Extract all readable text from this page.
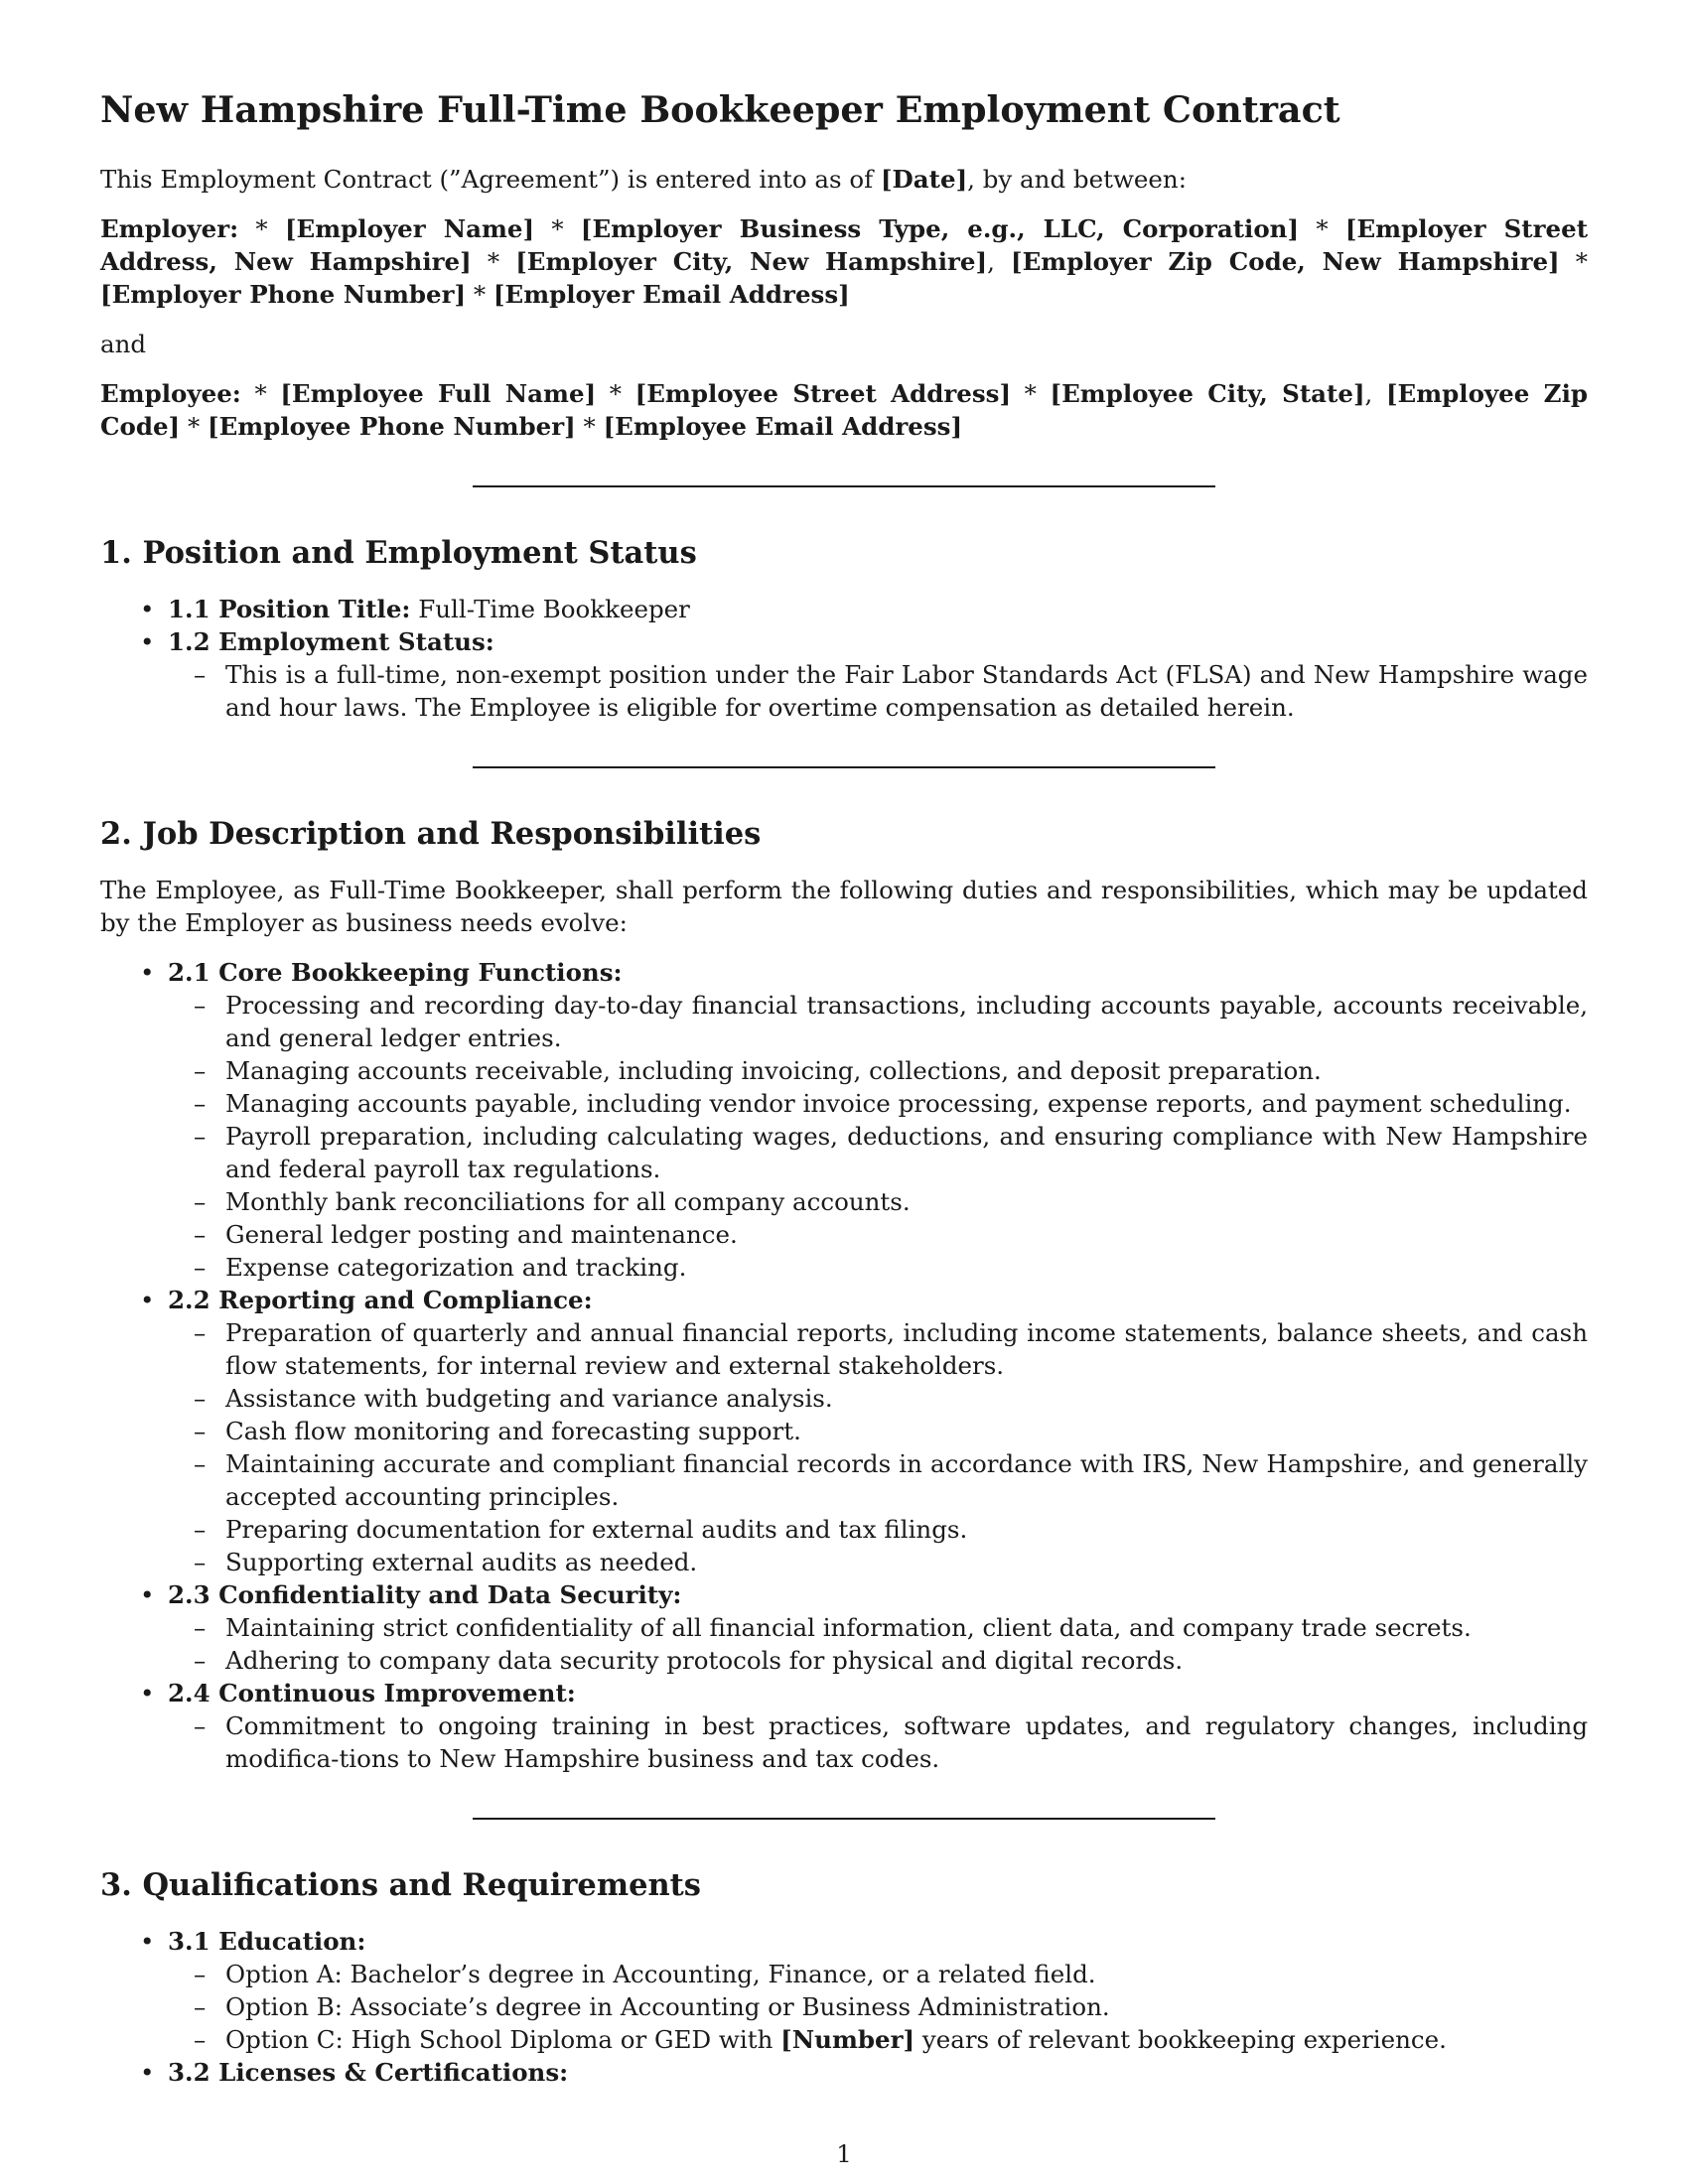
New Hampshire Full-Time Bookkeeper Employment Contract

This Employment Contract (”Agreement”) is entered into as of [Date], by and between:

Employer: * [Employer Name] * [Employer Business Type, e.g., LLC, Corporation] * [Employer Street Address, New Hampshire] * [Employer City, New Hampshire], [Employer Zip Code, New Hampshire] * [Employer Phone Number] * [Employer Email Address]

and

Employee: * [Employee Full Name] * [Employee Street Address] * [Employee City, State], [Employee Zip Code] * [Employee Phone Number] * [Employee Email Address]

1. Position and Employment Status
• 1.1 Position Title: Full-Time Bookkeeper
• 1.2 Employment Status:
– This is a full-time, non-exempt position under the Fair Labor Standards Act (FLSA) and New Hampshire wage and hour laws. The Employee is eligible for overtime compensation as detailed herein.
2. Job Description and Responsibilities

The Employee, as Full-Time Bookkeeper, shall perform the following duties and responsibilities, which may be updated by the Employer as business needs evolve:

• 2.1 Core Bookkeeping Functions:
– Processing and recording day-to-day financial transactions, including accounts payable, accounts receivable, and general ledger entries.
– Managing accounts receivable, including invoicing, collections, and deposit preparation.
– Managing accounts payable, including vendor invoice processing, expense reports, and payment scheduling.
– Payroll preparation, including calculating wages, deductions, and ensuring compliance with New Hampshire and federal payroll tax regulations.
– Monthly bank reconciliations for all company accounts.
– General ledger posting and maintenance.
– Expense categorization and tracking.
• 2.2 Reporting and Compliance:
– Preparation of quarterly and annual financial reports, including income statements, balance sheets, and cash flow statements, for internal review and external stakeholders.
– Assistance with budgeting and variance analysis.
– Cash flow monitoring and forecasting support.
– Maintaining accurate and compliant financial records in accordance with IRS, New Hampshire, and generally accepted accounting principles.
– Preparing documentation for external audits and tax filings.
– Supporting external audits as needed.
• 2.3 Confidentiality and Data Security:
– Maintaining strict confidentiality of all financial information, client data, and company trade secrets.
– Adhering to company data security protocols for physical and digital records.
• 2.4 Continuous Improvement:
– Commitment to ongoing training in best practices, software updates, and regulatory changes, including modifica-tions to New Hampshire business and tax codes.
3. Qualifications and Requirements
• 3.1 Education:
– Option A: Bachelor’s degree in Accounting, Finance, or a related field.
– Option B: Associate’s degree in Accounting or Business Administration.
– Option C: High School Diploma or GED with [Number] years of relevant bookkeeping experience.
• 3.2 Licenses & Certifications:
1
